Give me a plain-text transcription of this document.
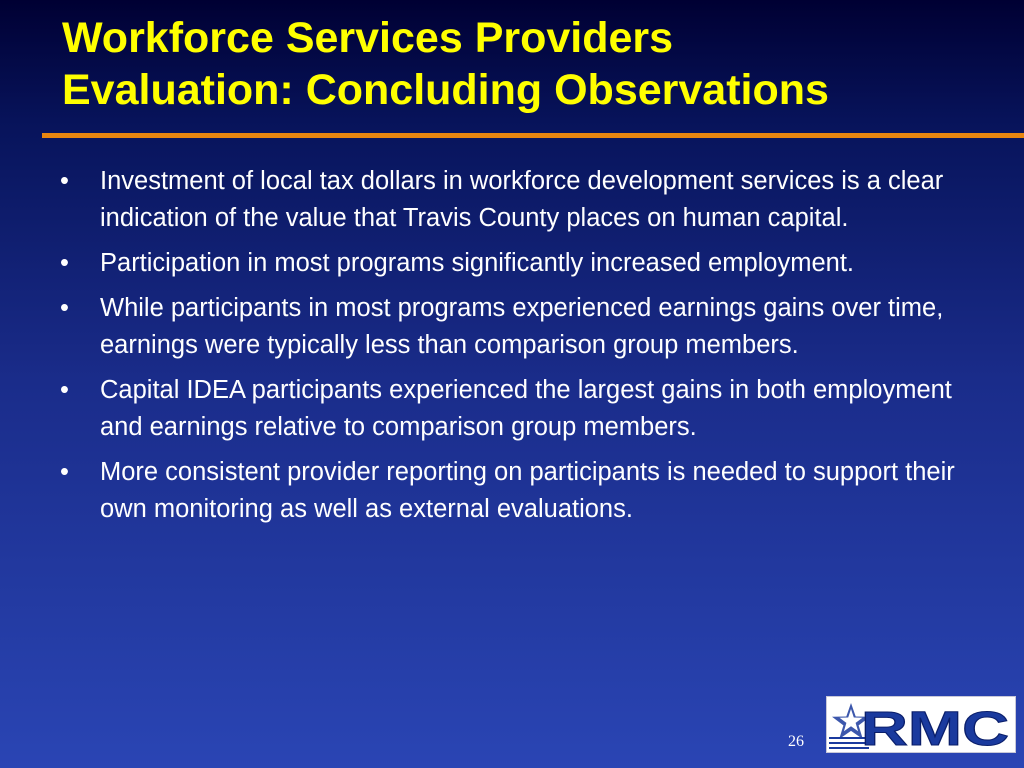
Workforce Services Providers
Evaluation: Concluding Observations
• Investment of local tax dollars in workforce development services is a clear indication of the value that Travis County places on human capital.
• Participation in most programs significantly increased employment.
• While participants in most programs experienced earnings gains over time, earnings were typically less than comparison group members.
• Capital IDEA participants experienced the largest gains in both employment and earnings relative to comparison group members.
• More consistent provider reporting on participants is needed to support their own monitoring as well as external evaluations.
26 RMC
